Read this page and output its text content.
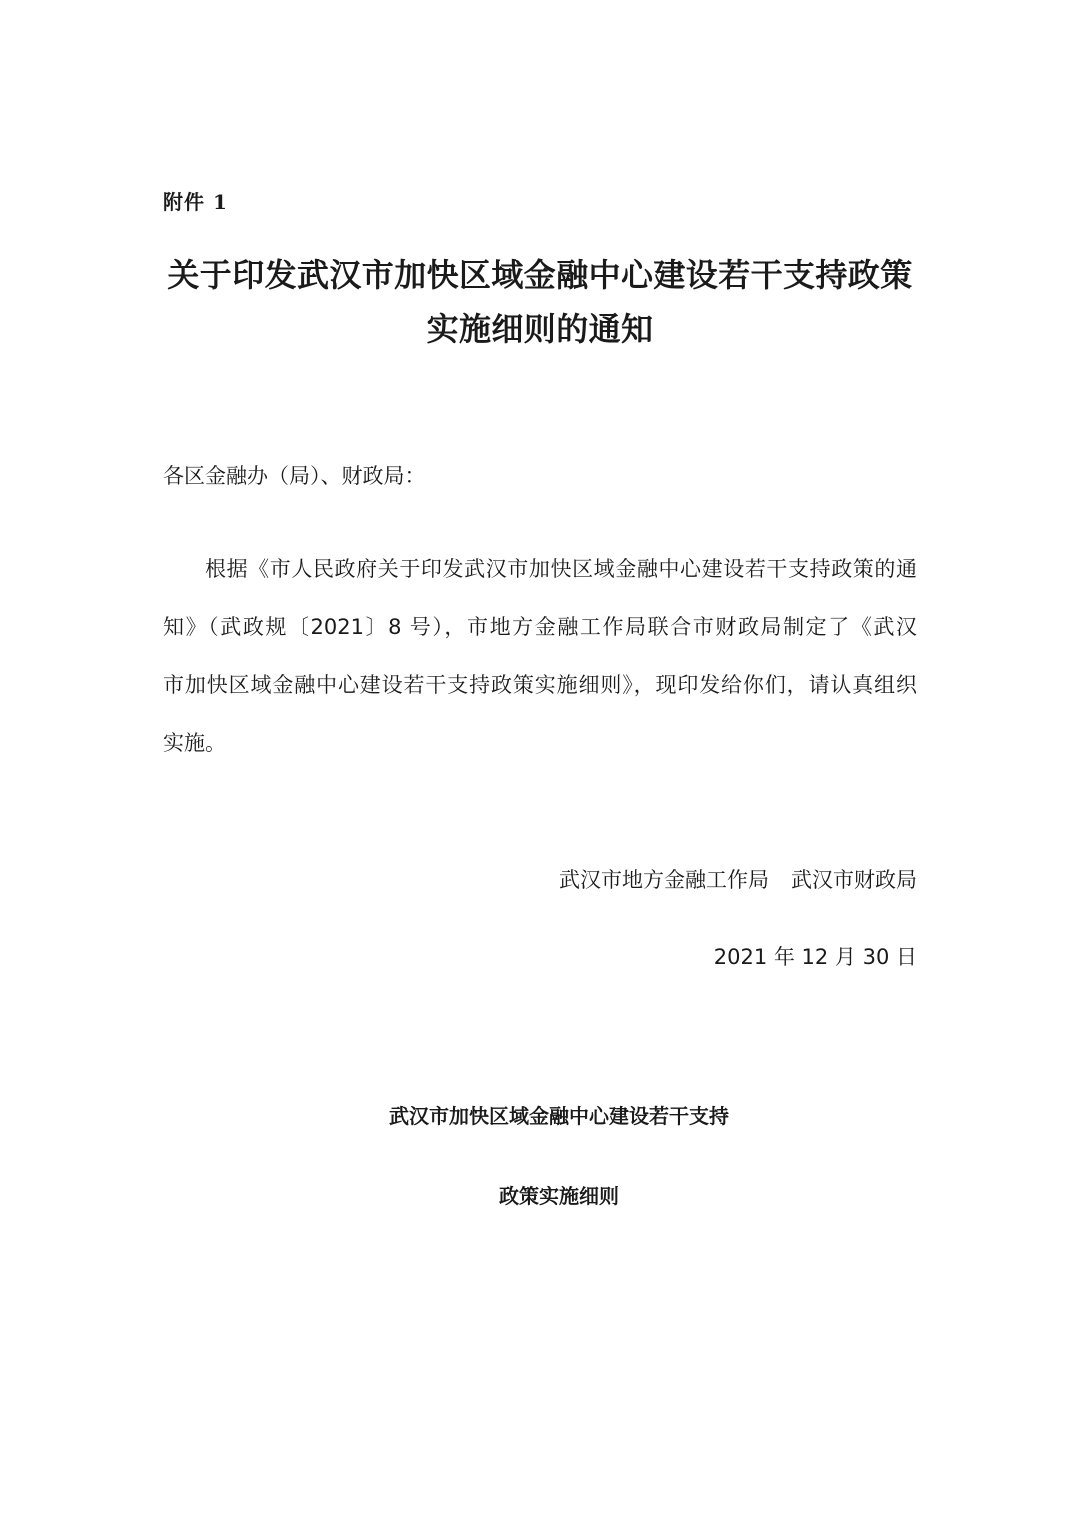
附件 1
关于印发武汉市加快区域金融中心建设若干支持政策
实施细则的通知
各区金融办（局）、财政局：
根据《市人民政府关于印发武汉市加快区域金融中心建设若干支持政策的通
知》（武政规〔2021〕8 号），市地方金融工作局联合市财政局制定了《武汉
市加快区域金融中心建设若干支持政策实施细则》，现印发给你们，请认真组织
实施。
武汉市地方金融工作局 武汉市财政局
2021 年 12 月 30 日
武汉市加快区域金融中心建设若干支持
政策实施细则
